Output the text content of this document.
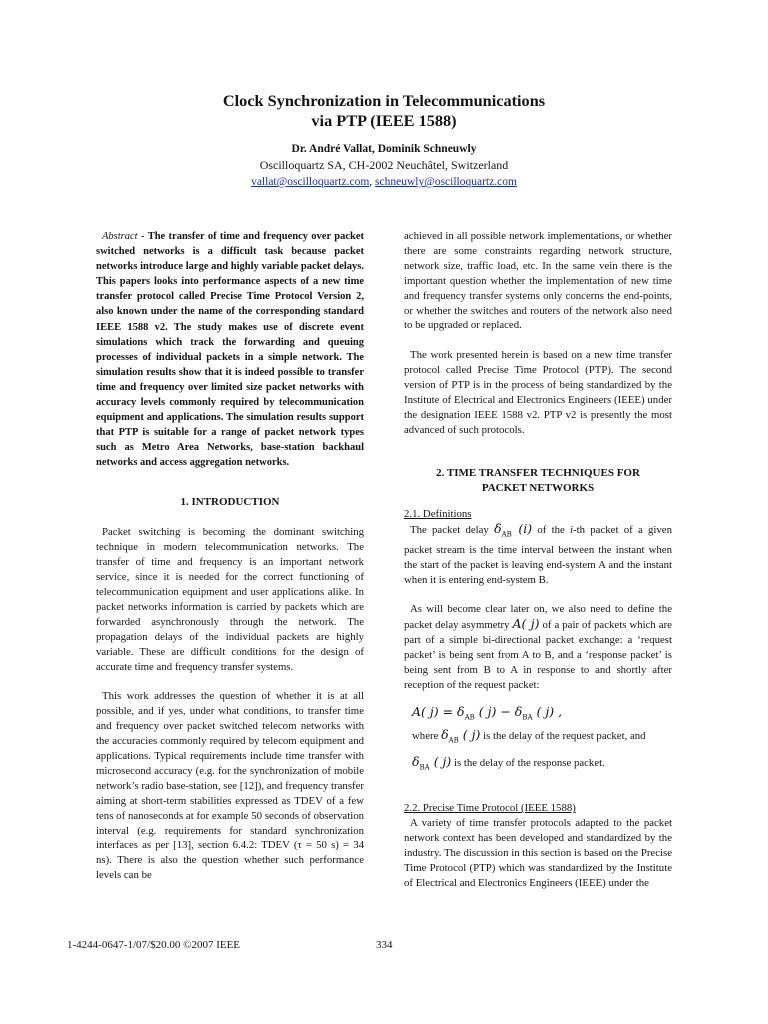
Clock Synchronization in Telecommunications
via PTP (IEEE 1588)
Dr. André Vallat, Dominik Schneuwly
Oscilloquartz SA, CH-2002 Neuchâtel, Switzerland
vallat@oscilloquartz.com, schneuwly@oscilloquartz.com

Abstract - The transfer of time and frequency over packet switched networks is a difficult task because packet networks introduce large and highly variable packet delays. This papers looks into performance aspects of a new time transfer protocol called Precise Time Protocol Version 2, also known under the name of the corresponding standard IEEE 1588 v2. The study makes use of discrete event simulations which track the forwarding and queuing processes of individual packets in a simple network. The simulation results show that it is indeed possible to transfer time and frequency over limited size packet networks with accuracy levels commonly required by telecommunication equipment and applications. The simulation results support that PTP is suitable for a range of packet network types such as Metro Area Networks, base-station backhaul networks and access aggregation networks.

1. INTRODUCTION

Packet switching is becoming the dominant switching technique in modern telecommunication networks. The transfer of time and frequency is an important network service, since it is needed for the correct functioning of telecommunication equipment and user applications alike. In packet networks information is carried by packets which are forwarded asynchronously through the network. The propagation delays of the individual packets are highly variable. These are difficult conditions for the design of accurate time and frequency transfer systems.

This work addresses the question of whether it is at all possible, and if yes, under what conditions, to transfer time and frequency over packet switched telecom networks with the accuracies commonly required by telecom equipment and applications. Typical requirements include time transfer with microsecond accuracy (e.g. for the synchronization of mobile network’s radio base-station, see [12]), and frequency transfer aiming at short-term stabilities expressed as TDEV of a few tens of nanoseconds at for example 50 seconds of observation interval (e.g. requirements for standard synchronization interfaces as per [13], section 6.4.2: TDEV (τ = 50 s) = 34 ns). There is also the question whether such performance levels can be

achieved in all possible network implementations, or whether there are some constraints regarding network structure, network size, traffic load, etc. In the same vein there is the important question whether the implementation of new time and frequency transfer systems only concerns the end-points, or whether the switches and routers of the network also need to be upgraded or replaced.

The work presented herein is based on a new time transfer protocol called Precise Time Protocol (PTP). The second version of PTP is in the process of being standardized by the Institute of Electrical and Electronics Engineers (IEEE) under the designation IEEE 1588 v2. PTP v2 is presently the most advanced of such protocols.

2. TIME TRANSFER TECHNIQUES FOR

PACKET NETWORKS

2.1. Definitions

The packet delay $\delta_{AB}$ (i) of the i-th packet of a given packet stream is the time interval between the instant when the start of the packet is leaving end-system A and the instant when it is entering end-system B.

As will become clear later on, we also need to define the packet delay asymmetry A( j) of a pair of packets which are part of a simple bi-directional packet exchange: a ‘request packet’ is being sent from A to B, and a ‘response packet’ is being sent from B to A in response to and shortly after reception of the request packet:

A( $j) = \delta_{AB}$ ( $j) - \delta_{BA}$ ( j) ,

where $\delta_{AB}$ ( j) is the delay of the request packet, and

$\delta_{BA}$ ( j) is the delay of the response packet.

2.2. Precise Time Protocol (IEEE 1588)

A variety of time transfer protocols adapted to the packet network context has been developed and standardized by the industry. The discussion in this section is based on the Precise Time Protocol (PTP) which was standardized by the Institute of Electrical and Electronics Engineers (IEEE) under the

1-4244-0647-1/07/$20.00 ©2007 IEEE	334
